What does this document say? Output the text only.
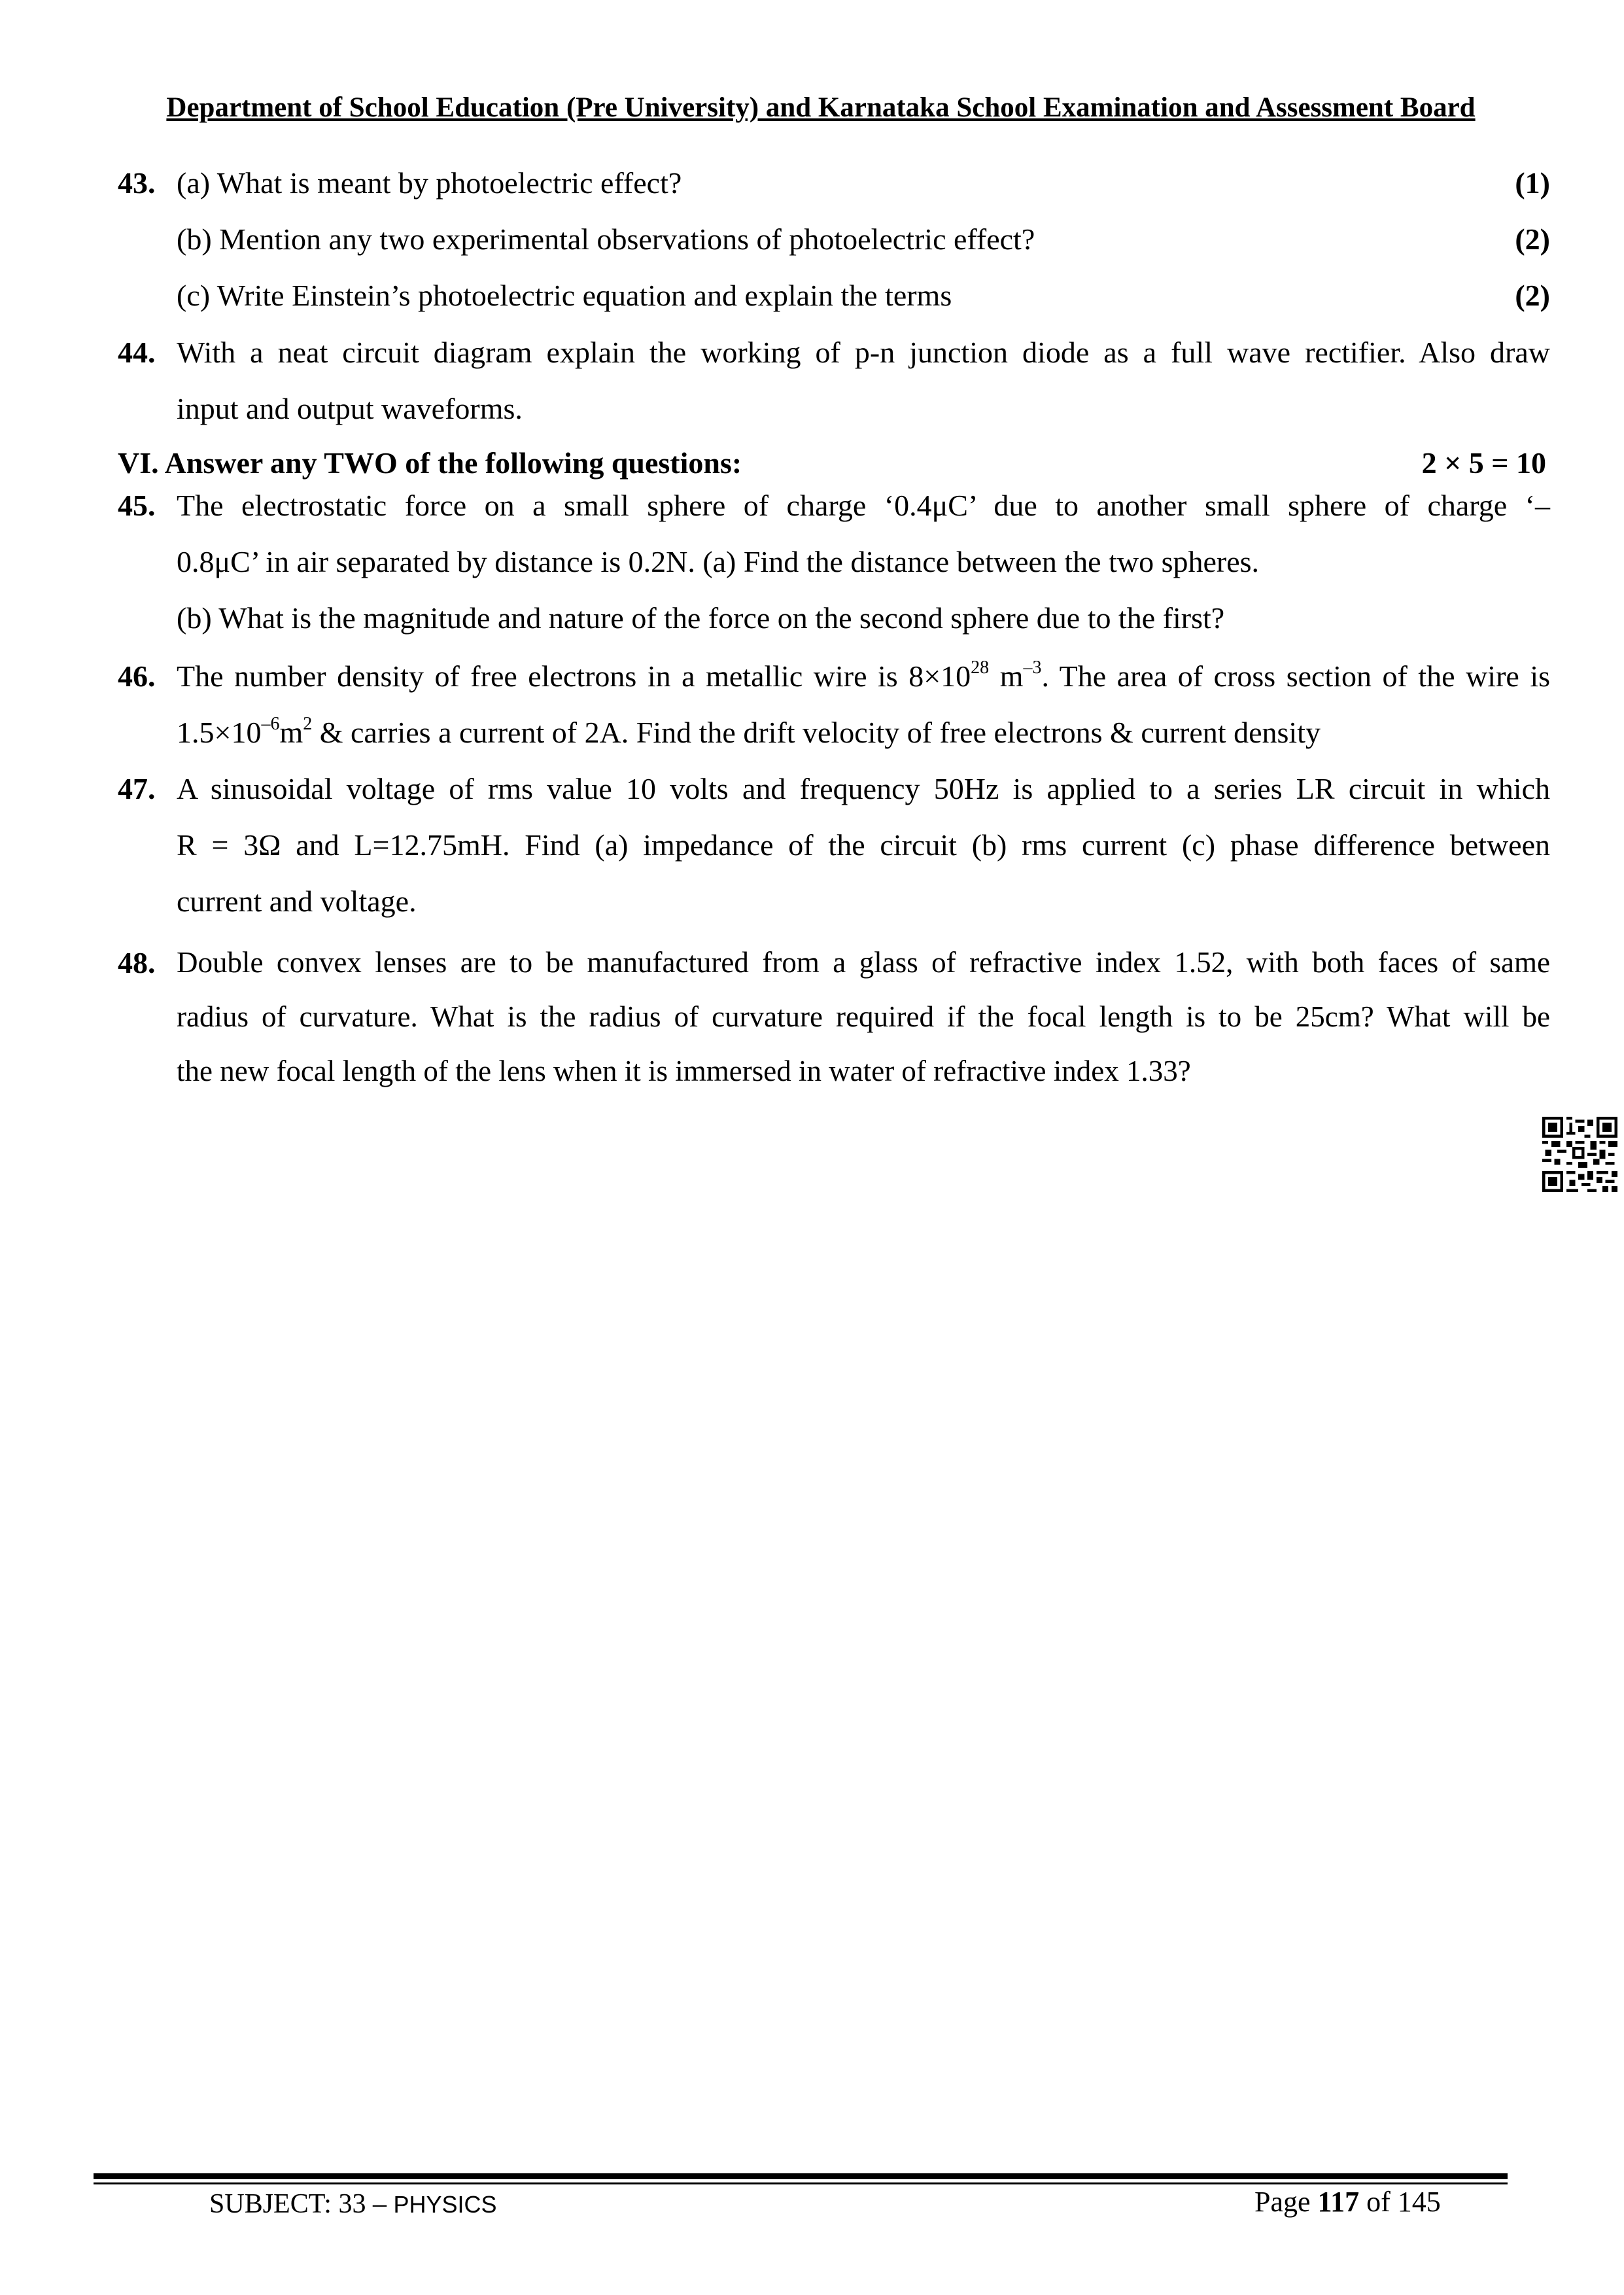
Department of School Education (Pre University) and Karnataka School Examination and Assessment Board
43. (a) What is meant by photoelectric effect?	(1)
(b) Mention any two experimental observations of photoelectric effect?	(2)
(c) Write Einstein’s photoelectric equation and explain the terms	(2)
44. With a neat circuit diagram explain the working of p-n junction diode as a full wave rectifier. Also draw
input and output waveforms.
VI. Answer any TWO of the following questions:	2 × 5 = 10
45. The electrostatic force on a small sphere of charge ‘0.4μC’ due to another small sphere of charge ‘–
0.8μC’ in air separated by distance is 0.2N. (a) Find the distance between the two spheres.
(b) What is the magnitude and nature of the force on the second sphere due to the first?
46. The number density of free electrons in a metallic wire is $8\times 10^{28}$ $m^{-3}$. The area of cross section of the wire is
$1.5\times 10^{-6}m^2$ & carries a current of 2A. Find the drift velocity of free electrons & current density
47. A sinusoidal voltage of rms value 10 volts and frequency 50Hz is applied to a series LR circuit in which
R = 3Ω and L=12.75mH. Find (a) impedance of the circuit (b) rms current (c) phase difference between
current and voltage.
48. Double convex lenses are to be manufactured from a glass of refractive index 1.52, with both faces of same
radius of curvature. What is the radius of curvature required if the focal length is to be 25cm? What will be
the new focal length of the lens when it is immersed in water of refractive index 1.33?
SUBJECT: 33 – PHYSICS	Page 117 of 145
